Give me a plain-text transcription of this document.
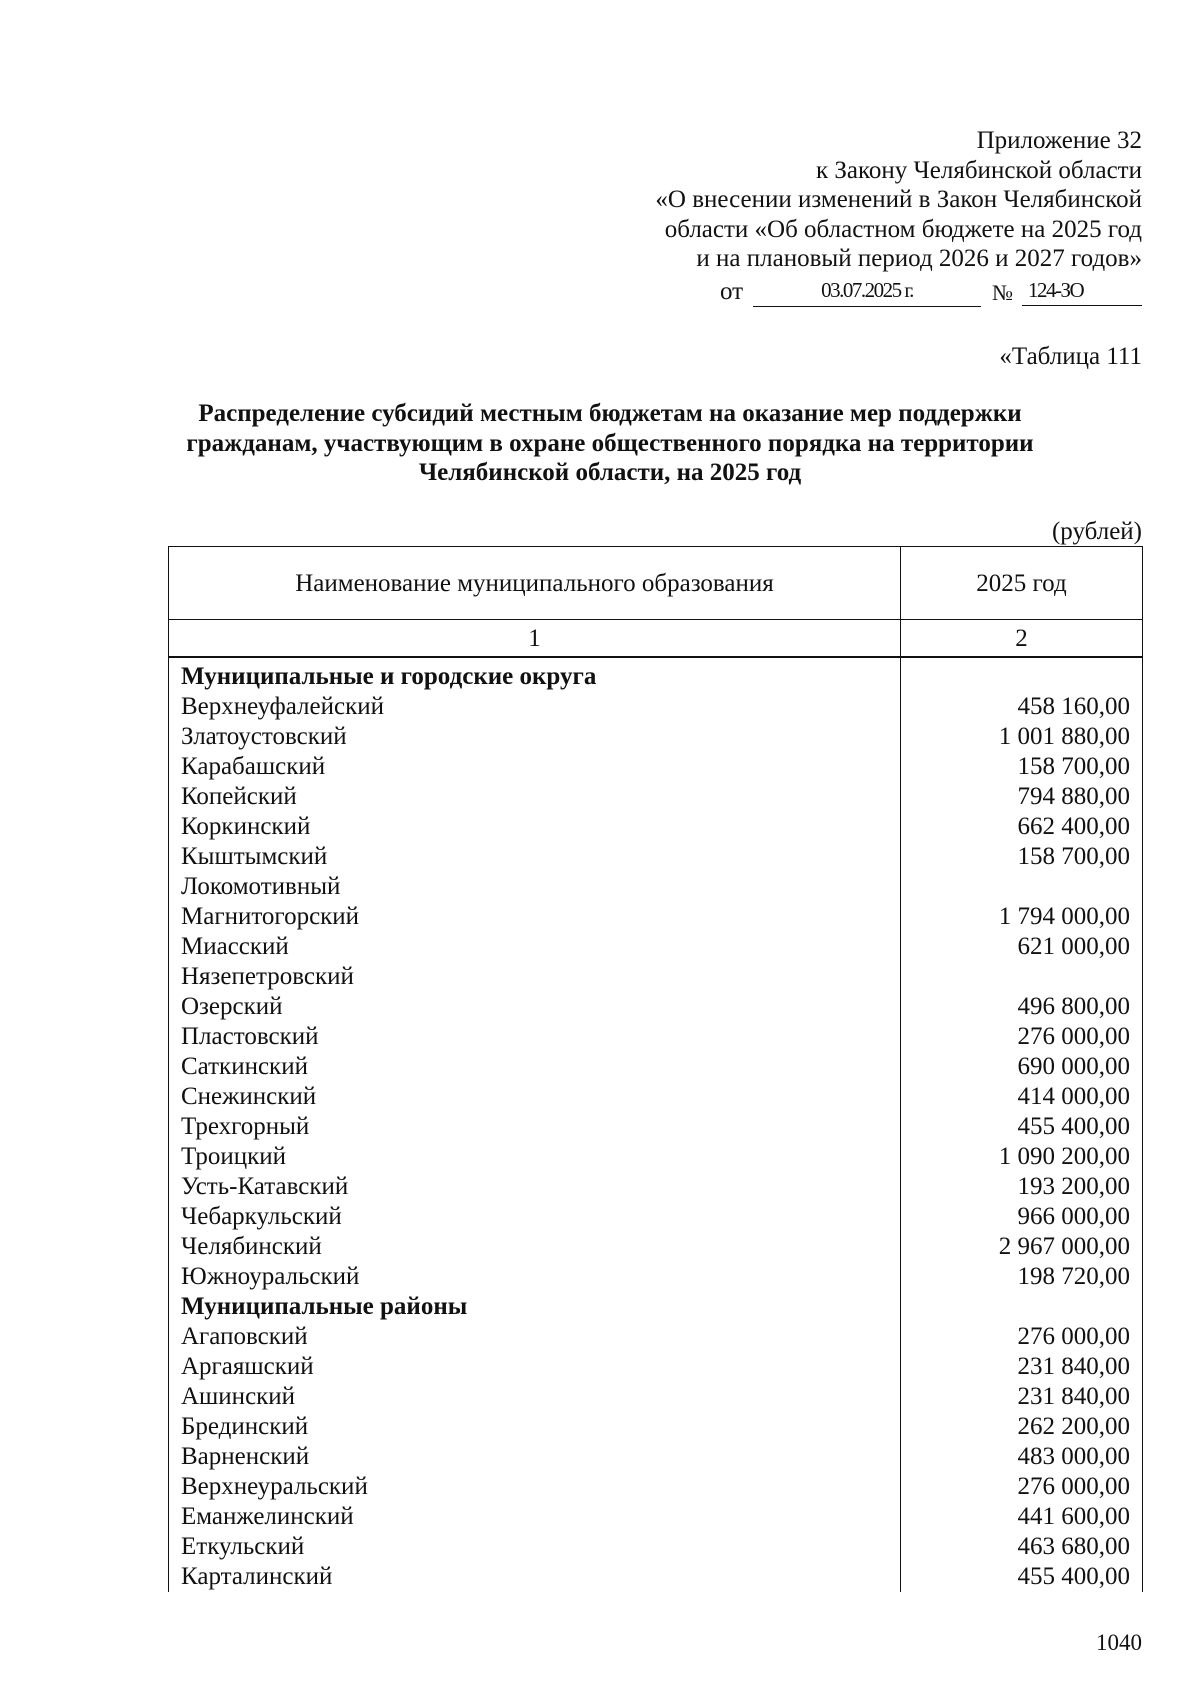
Приложение 32
к Закону Челябинской области
«О внесении изменений в Закон Челябинской
области «Об областном бюджете на 2025 год
и на плановый период 2026 и 2027 годов»
от	03.07.2025 г.	№ 124-ЗО
«Таблица 111
Распределение субсидий местным бюджетам на оказание мер поддержки гражданам, участвующим в охране общественного порядка на территории Челябинской области, на 2025 год
(рублей)
Наименование муниципального образования	2025 год
1	2
Муниципальные и городские округа	
Верхнеуфалейский	458 160,00
Златоустовский	1 001 880,00
Карабашский	158 700,00
Копейский	794 880,00
Коркинский	662 400,00
Кыштымский	158 700,00
Локомотивный	
Магнитогорский	1 794 000,00
Миасский	621 000,00
Нязепетровский	
Озерский	496 800,00
Пластовский	276 000,00
Саткинский	690 000,00
Снежинский	414 000,00
Трехгорный	455 400,00
Троицкий	1 090 200,00
Усть-Катавский	193 200,00
Чебаркульский	966 000,00
Челябинский	2 967 000,00
Южноуральский	198 720,00
Муниципальные районы	
Агаповский	276 000,00
Аргаяшский	231 840,00
Ашинский	231 840,00
Брединский	262 200,00
Варненский	483 000,00
Верхнеуральский	276 000,00
Еманжелинский	441 600,00
Еткульский	463 680,00
Карталинский	455 400,00
1040
